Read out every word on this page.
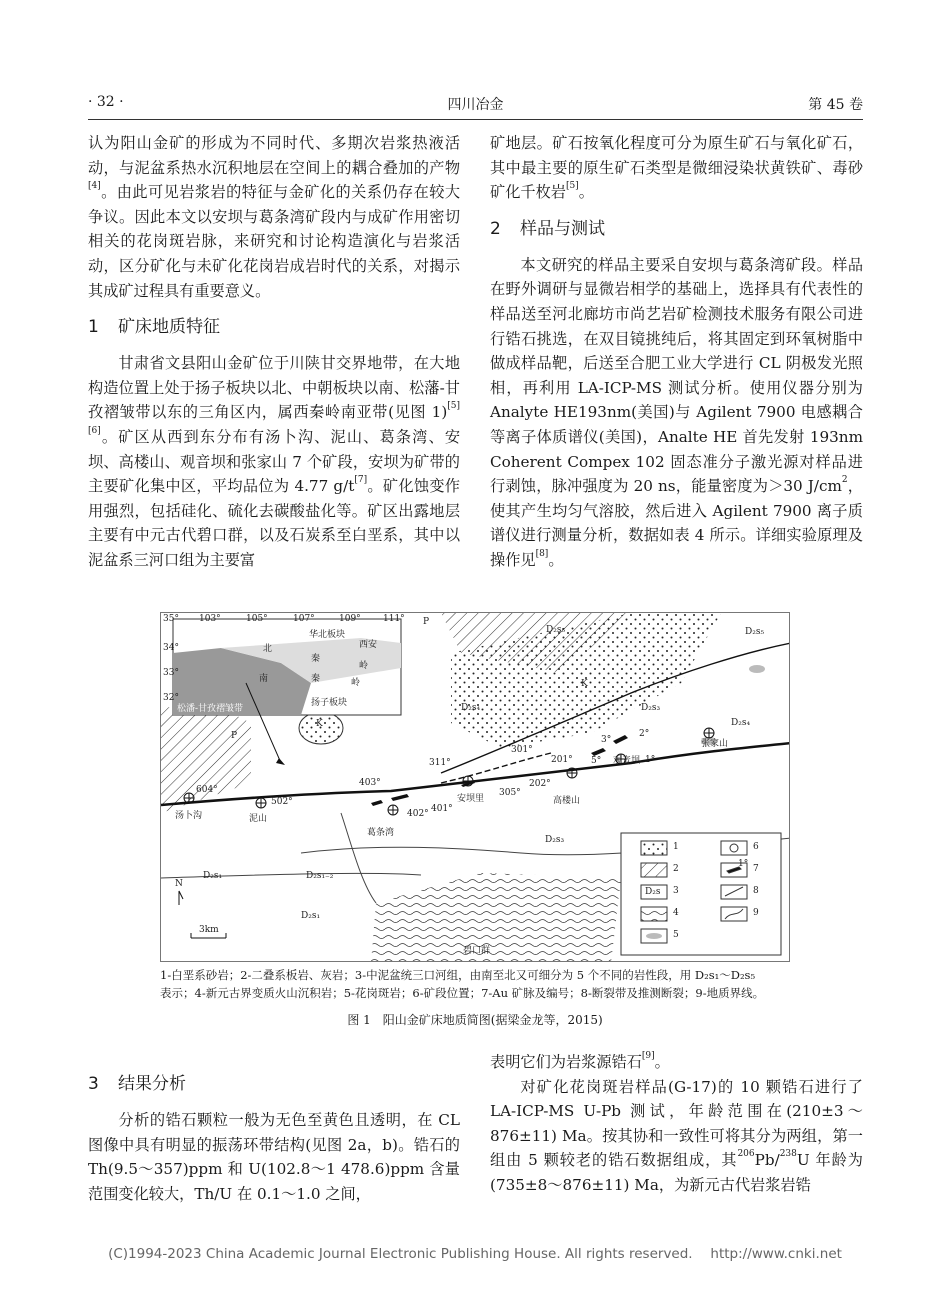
· 32 ·	四川冶金	第 45 卷

认为阳山金矿的形成为不同时代、多期次岩浆热液活动，与泥盆系热水沉积地层在空间上的耦合叠加的产物[4]。由此可见岩浆岩的特征与金矿化的关系仍存在较大争议。因此本文以安坝与葛条湾矿段内与成矿作用密切相关的花岗斑岩脉，来研究和讨论构造演化与岩浆活动，区分矿化与未矿化花岗岩成岩时代的关系，对揭示其成矿过程具有重要意义。

1 矿床地质特征

甘肃省文县阳山金矿位于川陕甘交界地带，在大地构造位置上处于扬子板块以北、中朝板块以南、松藩-甘孜褶皱带以东的三角区内，属西秦岭南亚带(见图 1)[5][6]。矿区从西到东分布有汤卜沟、泥山、葛条湾、安坝、高楼山、观音坝和张家山 7 个矿段，安坝为矿带的主要矿化集中区，平均品位为 4.77 g/t[7]。矿化蚀变作用强烈，包括硅化、硫化去碳酸盐化等。矿区出露地层主要有中元古代碧口群，以及石炭系至白垩系，其中以泥盆系三河口组为主要富

矿地层。矿石按氧化程度可分为原生矿石与氧化矿石，其中最主要的原生矿石类型是微细浸染状黄铁矿、毒砂矿化千枚岩[5]。

2 样品与测试

本文研究的样品主要采自安坝与葛条湾矿段。样品在野外调研与显微岩相学的基础上，选择具有代表性的样品送至河北廊坊市尚艺岩矿检测技术服务有限公司进行锆石挑选，在双目镜挑纯后，将其固定到环氧树脂中做成样品靶，后送至合肥工业大学进行 CL 阴极发光照相，再利用 LA-ICP-MS 测试分析。使用仪器分别为 Analyte HE193nm(美国)与 Agilent 7900 电感耦合等离子体质谱仪(美国)，Analte HE 首先发射 193nm Coherent Compex 102 固态准分子激光源对样品进行剥蚀，脉冲强度为 20 ns，能量密度为＞30 $J/cm^2$，使其产生均匀气溶胶，然后进入 Agilent 7900 离子质谱仪进行测量分析，数据如表 4 所示。详细实验原理及操作见[8]。

35°
34°
33°
32°
103°	105°	107°	109° 111°
北
秦
岭
南	秦	岭
扬子板块
华北板块
西安
松潘-甘孜褶皱带
P
K
K
D₂s₅
D₂s₄	D₂s₃
D₂s₁	D₂s₁₋₂
D₂s₁
D₂s₃
D₂s₄
D₂s₅
P
碧口群
汤卜沟	泥山
葛条湾
安坝里	高楼山
观音坝
张家山
604°
502°
403°
402° 401°
311°
305°
301°
201°
202°
3°
2°
5°	1°
3km
N
1
2
3
4
5
6
7
8
9
D₂s
1°
1-白垩系砂岩；2-二叠系板岩、灰岩；3-中泥盆统三口河组，由南至北又可细分为 5 个不同的岩性段，用 D₂s₁～D₂s₅
表示；4-新元古界变质火山沉积岩；5-花岗斑岩；6-矿段位置；7-Au 矿脉及编号；8-断裂带及推测断裂；9-地质界线。
图 1　阳山金矿床地质简图(据梁金龙等，2015)
3 结果分析

分析的锆石颗粒一般为无色至黄色且透明，在 CL 图像中具有明显的振荡环带结构(见图 2a，b)。锆石的 Th(9.5～357)ppm 和 U(102.8～1 478.6)ppm 含量范围变化较大，Th/U 在 0.1～1.0 之间，

表明它们为岩浆源锆石[9]。

对矿化花岗斑岩样品(G-17)的 10 颗锆石进行了 LA-ICP-MS U-Pb 测试，年龄范围在(210±3～876±11) Ma。按其协和一致性可将其分为两组，第一组由 5 颗较老的锆石数据组成，其$^{206}$Pb/$^{238}$U 年龄为(735±8～876±11) Ma，为新元古代岩浆岩锆

(C)1994-2023 China Academic Journal Electronic Publishing House. All rights reserved.　 http://www.cnki.net
